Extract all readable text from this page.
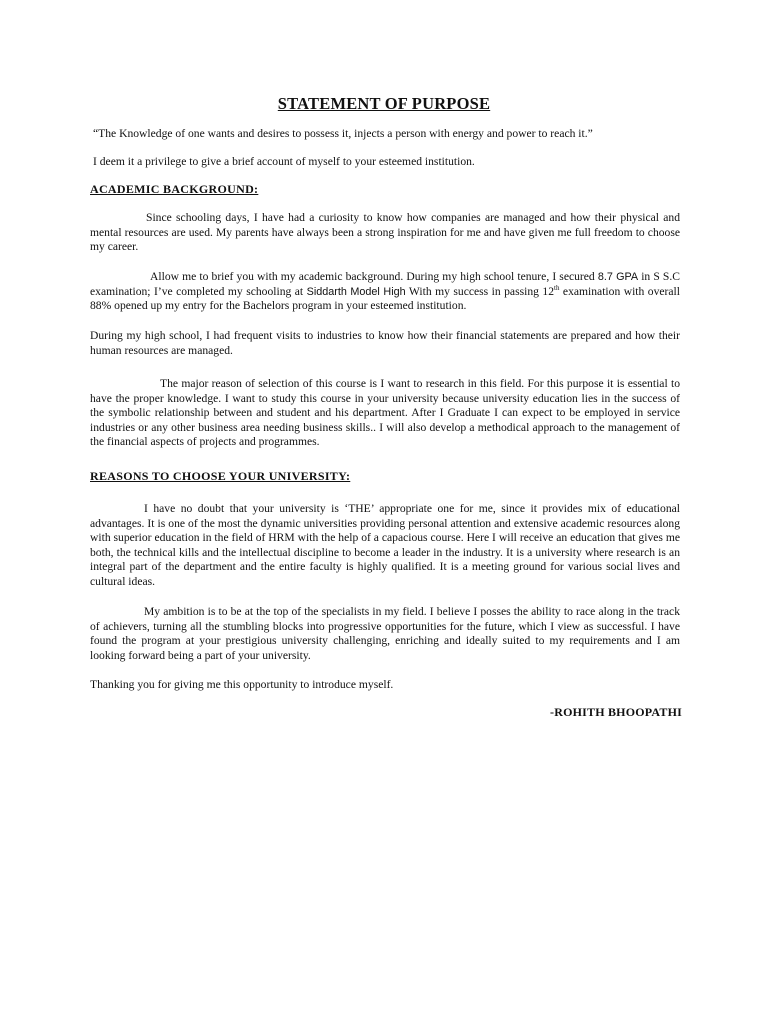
STATEMENT OF PURPOSE
“The Knowledge of one wants and desires to possess it, injects a person with energy and power to reach it.”
I deem it a privilege to give a brief account of myself to your esteemed institution.
ACADEMIC BACKGROUND:
Since schooling days, I have had a curiosity to know how companies are managed and how their physical and mental resources are used. My parents have always been a strong inspiration for me and have given me full freedom to choose my career.
Allow me to brief you with my academic background. During my high school tenure, I secured 8.7 GPA in S S.C examination; I’ve completed my schooling at Siddarth Model High With my success in passing 12th examination with overall 88% opened up my entry for the Bachelors program in your esteemed institution.
During my high school, I had frequent visits to industries to know how their financial statements are prepared and how their human resources are managed.
The major reason of selection of this course is I want to research in this field. For this purpose it is essential to have the proper knowledge. I want to study this course in your university because university education lies in the success of the symbolic relationship between and student and his department. After I Graduate I can expect to be employed in service industries or any other business area needing business skills.. I will also develop a methodical approach to the management of the financial aspects of projects and programmes.
REASONS TO CHOOSE YOUR UNIVERSITY:
I have no doubt that your university is ‘THE’ appropriate one for me, since it provides mix of educational advantages. It is one of the most the dynamic universities providing personal attention and extensive academic resources along with superior education in the field of HRM with the help of a capacious course. Here I will receive an education that gives me both, the technical kills and the intellectual discipline to become a leader in the industry. It is a university where research is an integral part of the department and the entire faculty is highly qualified. It is a meeting ground for various social lives and cultural ideas.
My ambition is to be at the top of the specialists in my field. I believe I posses the ability to race along in the track of achievers, turning all the stumbling blocks into progressive opportunities for the future, which I view as successful. I have found the program at your prestigious university challenging, enriching and ideally suited to my requirements and I am looking forward being a part of your university.
Thanking you for giving me this opportunity to introduce myself.
-ROHITH BHOOPATHI
